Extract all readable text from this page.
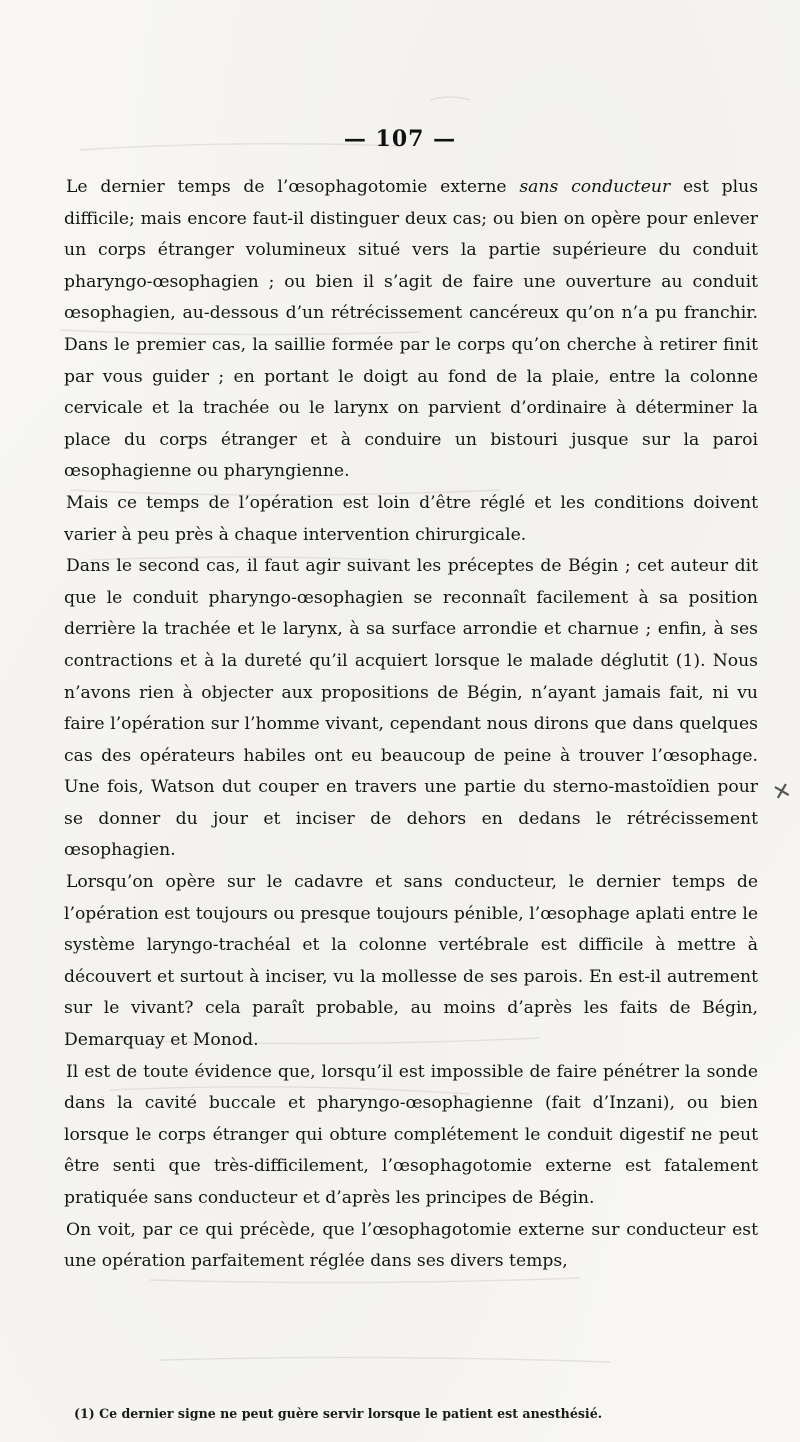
— 107 —

Le dernier temps de l’œsophagotomie externe sans conducteur est plus difficile; mais encore faut-il distinguer deux cas; ou bien on opère pour enlever un corps étranger volumineux situé vers la partie supérieure du conduit pharyngo-œsophagien ; ou bien il s’agit de faire une ouverture au conduit œsophagien, au-dessous d’un rétrécissement cancéreux qu’on n’a pu franchir. Dans le premier cas, la saillie formée par le corps qu’on cherche à retirer finit par vous guider ; en portant le doigt au fond de la plaie, entre la colonne cervicale et la trachée ou le larynx on parvient d’ordinaire à déterminer la place du corps étranger et à conduire un bistouri jusque sur la paroi œsophagienne ou pharyngienne.

Mais ce temps de l’opération est loin d’être réglé et les conditions doivent varier à peu près à chaque intervention chirurgicale.

Dans le second cas, il faut agir suivant les préceptes de Bégin ; cet auteur dit que le conduit pharyngo-œsophagien se reconnaît facilement à sa position derrière la trachée et le larynx, à sa surface arrondie et charnue ; enfin, à ses contractions et à la dureté qu’il acquiert lorsque le malade déglutit (1). Nous n’avons rien à objecter aux propositions de Bégin, n’ayant jamais fait, ni vu faire l’opération sur l’homme vivant, cependant nous dirons que dans quelques cas des opérateurs habiles ont eu beaucoup de peine à trouver l’œsophage. Une fois, Watson dut couper en travers une partie du sterno-mastoïdien pour se donner du jour et inciser de dehors en dedans le rétrécissement œsophagien.

Lorsqu’on opère sur le cadavre et sans conducteur, le dernier temps de l’opération est toujours ou presque toujours pénible, l’œsophage aplati entre le système laryngo-trachéal et la colonne vertébrale est difficile à mettre à découvert et surtout à inciser, vu la mollesse de ses parois. En est-il autrement sur le vivant? cela paraît probable, au moins d’après les faits de Bégin, Demarquay et Monod.

Il est de toute évidence que, lorsqu’il est impossible de faire pénétrer la sonde dans la cavité buccale et pharyngo-œsophagienne (fait d’Inzani), ou bien lorsque le corps étranger qui obture complétement le conduit digestif ne peut être senti que très-difficilement, l’œsophagotomie externe est fatalement pratiquée sans conducteur et d’après les principes de Bégin.

On voit, par ce qui précède, que l’œsophagotomie externe sur conducteur est une opération parfaitement réglée dans ses divers temps,

✕
(1) Ce dernier signe ne peut guère servir lorsque le patient est anesthésié.
